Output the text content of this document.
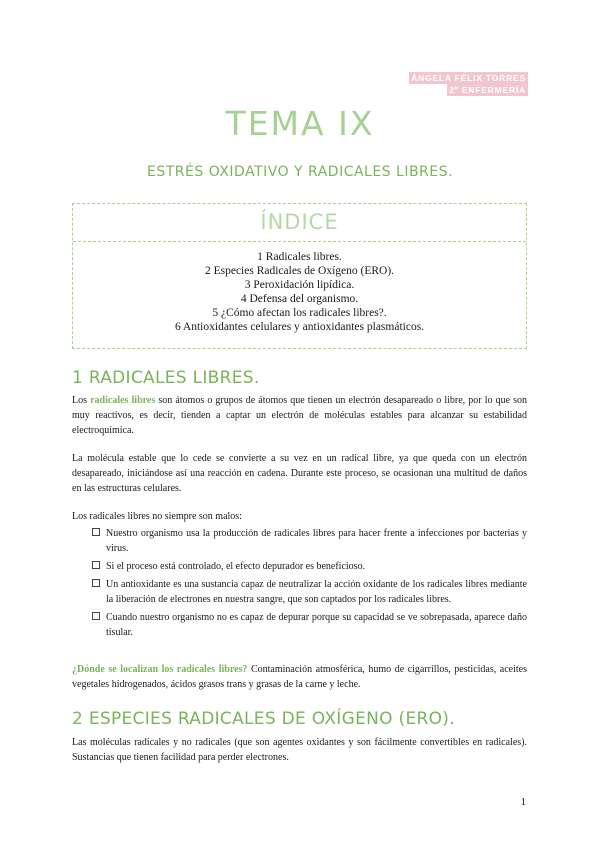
ÁNGELA FÉLIX TORRES
2º ENFERMERÍA
TEMA IX
ESTRÉS OXIDATIVO Y RADICALES LIBRES.
ÍNDICE
1 Radicales libres.
2 Especies Radicales de Oxígeno (ERO).
3 Peroxidación lipídica.
4 Defensa del organismo.
5 ¿Cómo afectan los radicales libres?.
6 Antioxidantes celulares y antioxidantes plasmáticos.
1 RADICALES LIBRES.
Los radicales libres son átomos o grupos de átomos que tienen un electrón desapareado o libre, por lo que son muy reactivos, es decir, tienden a captar un electrón de moléculas estables para alcanzar su estabilidad electroquímica.
La molécula estable que lo cede se convierte a su vez en un radical libre, ya que queda con un electrón desapareado, iniciándose así una reacción en cadena. Durante este proceso, se ocasionan una multitud de daños en las estructuras celulares.
Los radicales libres no siempre son malos:
Nuestro organismo usa la producción de radicales libres para hacer frente a infecciones por bacterias y virus.
Si el proceso está controlado, el efecto depurador es beneficioso.
Un antioxidante es una sustancia capaz de neutralizar la acción oxidante de los radicales libres mediante la liberación de electrones en nuestra sangre, que son captados por los radicales libres.
Cuando nuestro organismo no es capaz de depurar porque su capacidad se ve sobrepasada, aparece daño tisular.
¿Dónde se localizan los radicales libres? Contaminación atmosférica, humo de cigarrillos, pesticidas, aceites vegetales hidrogenados, ácidos grasos trans y grasas de la carne y leche.
2 ESPECIES RADICALES DE OXÍGENO (ERO).
Las moléculas radicales y no radicales (que son agentes oxidantes y son fácilmente convertibles en radicales). Sustancias que tienen facilidad para perder electrones.
1
